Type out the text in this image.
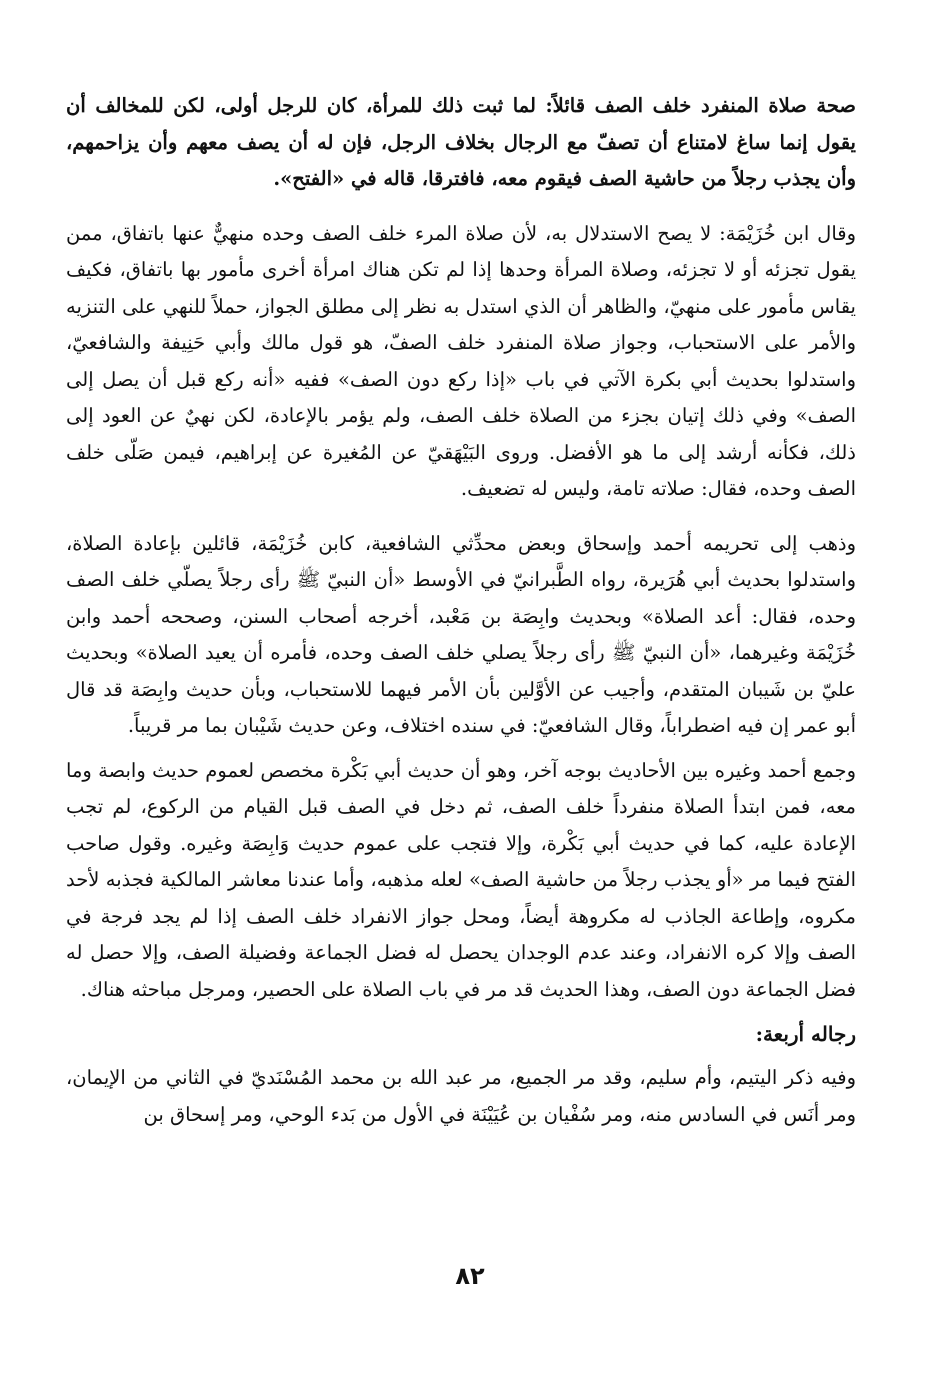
صحة صلاة المنفرد خلف الصف قائلاً: لما ثبت ذلك للمرأة، كان للرجل أولى، لكن للمخالف أن يقول إنما ساغ لامتناع أن تصفّ مع الرجال بخلاف الرجل، فإن له أن يصف معهم وأن يزاحمهم، وأن يجذب رجلاً من حاشية الصف فيقوم معه، فافترقا، قاله في «الفتح».

وقال ابن خُزَيْمَة: لا يصح الاستدلال به، لأن صلاة المرء خلف الصف وحده منهيٌّ عنها باتفاق، ممن يقول تجزئه أو لا تجزئه، وصلاة المرأة وحدها إذا لم تكن هناك امرأة أخرى مأمور بها باتفاق، فكيف يقاس مأمور على منهيّ، والظاهر أن الذي استدل به نظر إلى مطلق الجواز، حملاً للنهي على التنزيه والأمر على الاستحباب، وجواز صلاة المنفرد خلف الصفّ، هو قول مالك وأبي حَنِيفة والشافعيّ، واستدلوا بحديث أبي بكرة الآتي في باب «إذا ركع دون الصف» ففيه «أنه ركع قبل أن يصل إلى الصف» وفي ذلك إتيان بجزء من الصلاة خلف الصف، ولم يؤمر بالإعادة، لكن نهيٌ عن العود إلى ذلك، فكأنه أرشد إلى ما هو الأفضل. وروى البَيْهَقيّ عن المُغيرة عن إبراهيم، فيمن صَلّى خلف الصف وحده، فقال: صلاته تامة، وليس له تضعيف.

وذهب إلى تحريمه أحمد وإسحاق وبعض محدِّثي الشافعية، كابن خُزَيْمَة، قائلين بإعادة الصلاة، واستدلوا بحديث أبي هُرَيرة، رواه الطَّبرانيّ في الأوسط «أن النبيّ ﷺ رأى رجلاً يصلّي خلف الصف وحده، فقال: أعد الصلاة» وبحديث وابِصَة بن مَعْبد، أخرجه أصحاب السنن، وصححه أحمد وابن خُزَيْمَة وغيرهما، «أن النبيّ ﷺ رأى رجلاً يصلي خلف الصف وحده، فأمره أن يعيد الصلاة» وبحديث عليّ بن شَيبان المتقدم، وأجيب عن الأوَّلين بأن الأمر فيهما للاستحباب، وبأن حديث وابِصَة قد قال أبو عمر إن فيه اضطراباً، وقال الشافعيّ: في سنده اختلاف، وعن حديث شَيْبان بما مر قريباً.

وجمع أحمد وغيره بين الأحاديث بوجه آخر، وهو أن حديث أبي بَكْرة مخصص لعموم حديث وابصة وما معه، فمن ابتدأ الصلاة منفرداً خلف الصف، ثم دخل في الصف قبل القيام من الركوع، لم تجب الإعادة عليه، كما في حديث أبي بَكْرة، وإلا فتجب على عموم حديث وَابِصَة وغيره. وقول صاحب الفتح فيما مر «أو يجذب رجلاً من حاشية الصف» لعله مذهبه، وأما عندنا معاشر المالكية فجذبه لأحد مكروه، وإطاعة الجاذب له مكروهة أيضاً، ومحل جواز الانفراد خلف الصف إذا لم يجد فرجة في الصف وإلا كره الانفراد، وعند عدم الوجدان يحصل له فضل الجماعة وفضيلة الصف، وإلا حصل له فضل الجماعة دون الصف، وهذا الحديث قد مر في باب الصلاة على الحصير، ومرجل مباحثه هناك.

رجاله أربعة:

وفيه ذكر اليتيم، وأم سليم، وقد مر الجميع، مر عبد الله بن محمد المُسْنَديّ في الثاني من الإيمان، ومر أنَس في السادس منه، ومر سُفْيان بن عُيَيْنَة في الأول من بَدء الوحي، ومر إسحاق بن

٨٢
